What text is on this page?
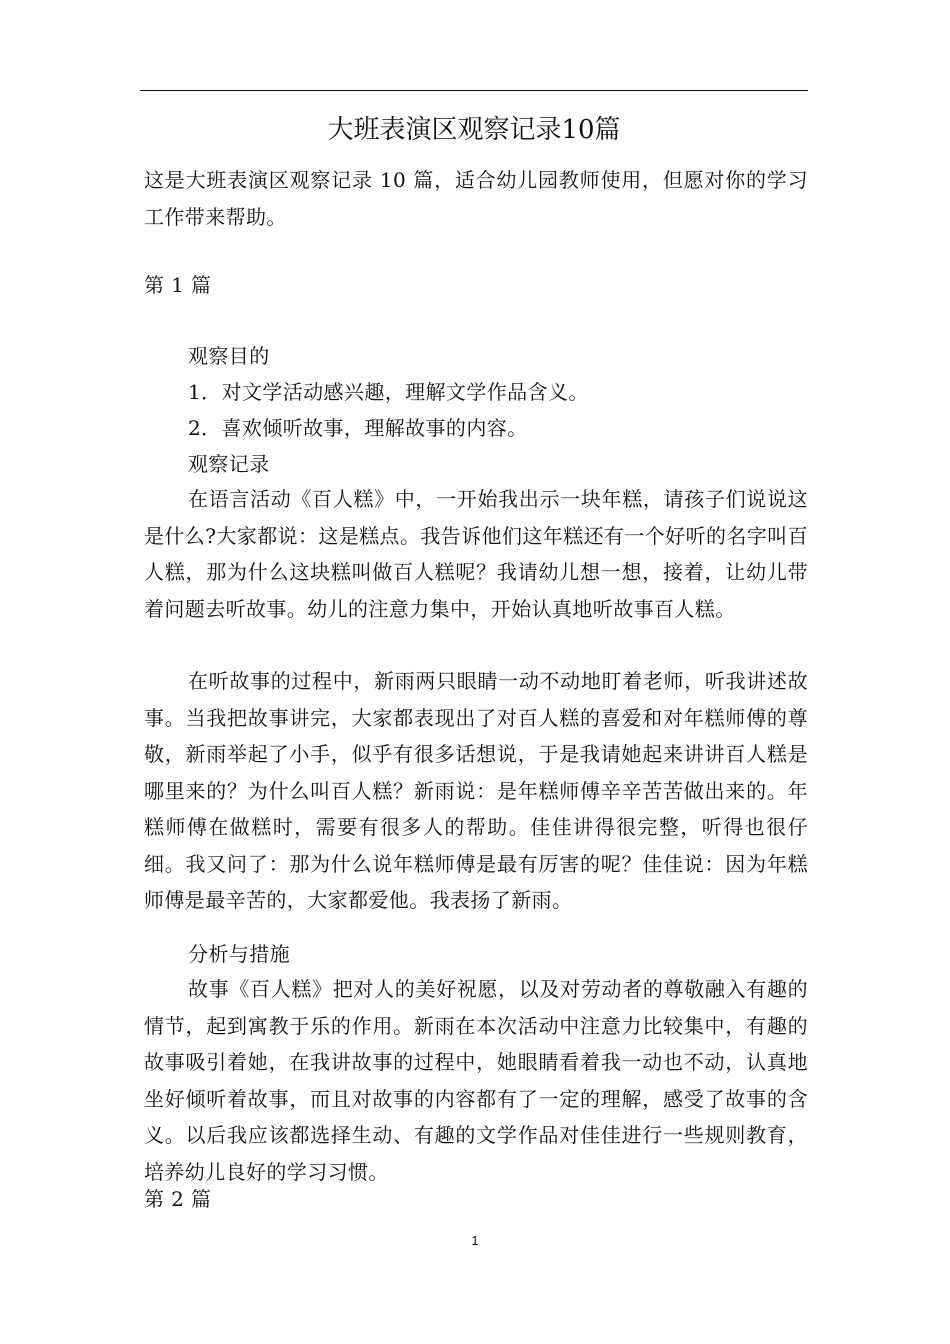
大班表演区观察记录10篇
这是大班表演区观察记录 10 篇，适合幼儿园教师使用，但愿对你的学习工作带来帮助。
第 1 篇
观察目的
1．对文学活动感兴趣，理解文学作品含义。
2．喜欢倾听故事，理解故事的内容。
观察记录
在语言活动《百人糕》中，一开始我出示一块年糕，请孩子们说说这是什么?大家都说：这是糕点。我告诉他们这年糕还有一个好听的名字叫百人糕，那为什么这块糕叫做百人糕呢？我请幼儿想一想，接着，让幼儿带着问题去听故事。幼儿的注意力集中，开始认真地听故事百人糕。
在听故事的过程中，新雨两只眼睛一动不动地盯着老师，听我讲述故事。当我把故事讲完，大家都表现出了对百人糕的喜爱和对年糕师傅的尊敬，新雨举起了小手，似乎有很多话想说，于是我请她起来讲讲百人糕是哪里来的？为什么叫百人糕？新雨说：是年糕师傅辛辛苦苦做出来的。年糕师傅在做糕时，需要有很多人的帮助。佳佳讲得很完整，听得也很仔细。我又问了：那为什么说年糕师傅是最有厉害的呢？佳佳说：因为年糕师傅是最辛苦的，大家都爱他。我表扬了新雨。
分析与措施
故事《百人糕》把对人的美好祝愿，以及对劳动者的尊敬融入有趣的情节，起到寓教于乐的作用。新雨在本次活动中注意力比较集中，有趣的故事吸引着她，在我讲故事的过程中，她眼睛看着我一动也不动，认真地坐好倾听着故事，而且对故事的内容都有了一定的理解，感受了故事的含义。以后我应该都选择生动、有趣的文学作品对佳佳进行一些规则教育，培养幼儿良好的学习习惯。
第 2 篇
1
